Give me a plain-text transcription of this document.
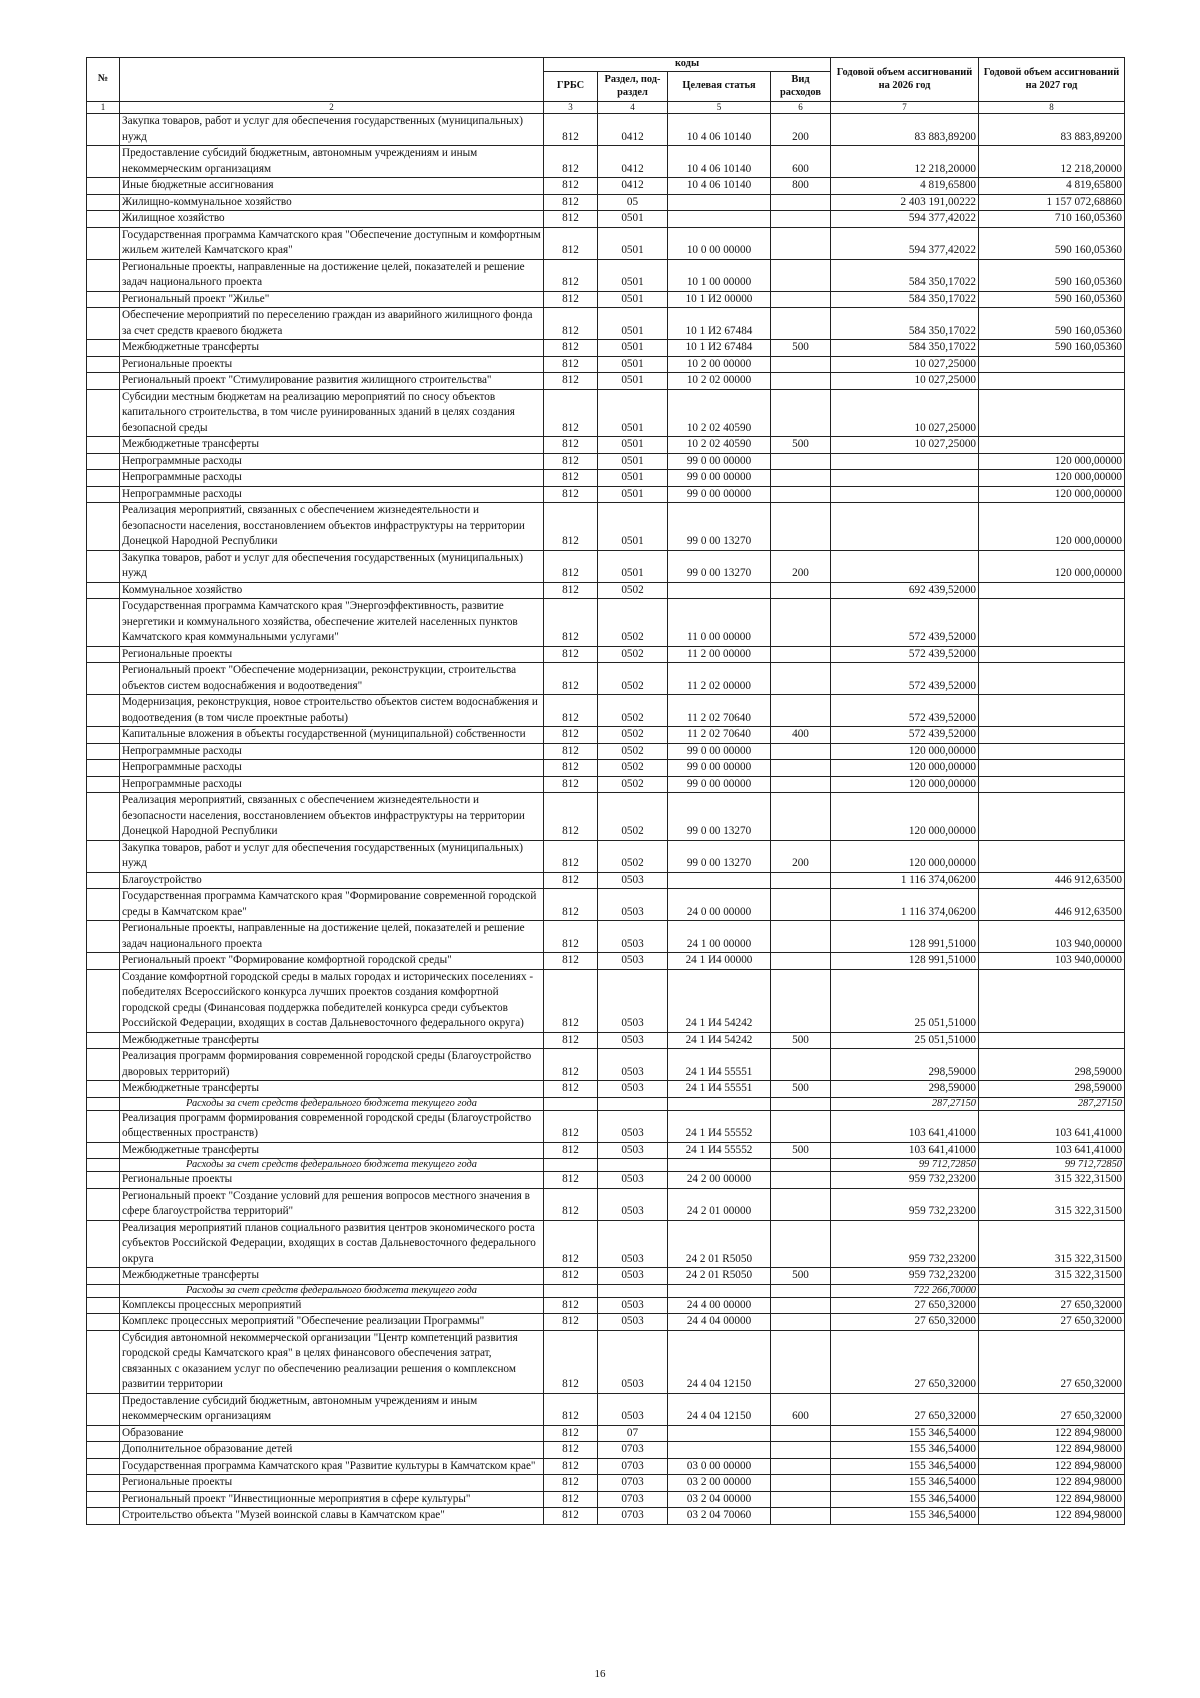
№		коды				Годовой объем ассигнований на 2026 год	Годовой объем ассигнований на 2027 год
		ГРБС	Раздел, под-раздел	Целевая статья	Вид расходов		
1	2	3	4	5	6	7	8
	Закупка товаров, работ и услуг для обеспечения государственных (муниципальных) нужд	812	0412	10 4 06 10140	200	83 883,89200	83 883,89200
	Предоставление субсидий бюджетным, автономным учреждениям и иным некоммерческим организациям	812	0412	10 4 06 10140	600	12 218,20000	12 218,20000
	Иные бюджетные ассигнования	812	0412	10 4 06 10140	800	4 819,65800	4 819,65800
	Жилищно-коммунальное хозяйство	812	05			2 403 191,00222	1 157 072,68860
	Жилищное хозяйство	812	0501			594 377,42022	710 160,05360
	Государственная программа Камчатского края "Обеспечение доступным и комфортным жильем жителей Камчатского края"	812	0501	10 0 00 00000		594 377,42022	590 160,05360
	Региональные проекты, направленные на достижение целей, показателей и решение задач национального проекта	812	0501	10 1 00 00000		584 350,17022	590 160,05360
	Региональный проект "Жилье"	812	0501	10 1 И2 00000		584 350,17022	590 160,05360
	Обеспечение мероприятий по переселению граждан из аварийного жилищного фонда за счет средств краевого бюджета	812	0501	10 1 И2 67484		584 350,17022	590 160,05360
	Межбюджетные трансферты	812	0501	10 1 И2 67484	500	584 350,17022	590 160,05360
	Региональные проекты	812	0501	10 2 00 00000		10 027,25000	
	Региональный проект "Стимулирование развития жилищного строительства"	812	0501	10 2 02 00000		10 027,25000	
	Субсидии местным бюджетам на реализацию мероприятий по сносу объектов капитального строительства, в том числе руинированных зданий в целях создания безопасной среды	812	0501	10 2 02 40590		10 027,25000	
	Межбюджетные трансферты	812	0501	10 2 02 40590	500	10 027,25000	
	Непрограммные расходы	812	0501	99 0 00 00000			120 000,00000
	Непрограммные расходы	812	0501	99 0 00 00000			120 000,00000
	Непрограммные расходы	812	0501	99 0 00 00000			120 000,00000
	Реализация мероприятий, связанных с обеспечением жизнедеятельности и безопасности населения, восстановлением объектов инфраструктуры на территории Донецкой Народной Республики	812	0501	99 0 00 13270			120 000,00000
	Закупка товаров, работ и услуг для обеспечения государственных (муниципальных) нужд	812	0501	99 0 00 13270	200		120 000,00000
	Коммунальное хозяйство	812	0502			692 439,52000	
	Государственная программа Камчатского края "Энергоэффективность, развитие энергетики и коммунального хозяйства, обеспечение жителей населенных пунктов Камчатского края коммунальными услугами"	812	0502	11 0 00 00000		572 439,52000	
	Региональные проекты	812	0502	11 2 00 00000		572 439,52000	
	Региональный проект "Обеспечение модернизации, реконструкции, строительства объектов систем водоснабжения и водоотведения"	812	0502	11 2 02 00000		572 439,52000	
	Модернизация, реконструкция, новое строительство объектов систем водоснабжения и водоотведения (в том числе проектные работы)	812	0502	11 2 02 70640		572 439,52000	
	Капитальные вложения в объекты государственной (муниципальной) собственности	812	0502	11 2 02 70640	400	572 439,52000	
	Непрограммные расходы	812	0502	99 0 00 00000		120 000,00000	
	Непрограммные расходы	812	0502	99 0 00 00000		120 000,00000	
	Непрограммные расходы	812	0502	99 0 00 00000		120 000,00000	
	Реализация мероприятий, связанных с обеспечением жизнедеятельности и безопасности населения, восстановлением объектов инфраструктуры на территории Донецкой Народной Республики	812	0502	99 0 00 13270		120 000,00000	
	Закупка товаров, работ и услуг для обеспечения государственных (муниципальных) нужд	812	0502	99 0 00 13270	200	120 000,00000	
	Благоустройство	812	0503			1 116 374,06200	446 912,63500
	Государственная программа Камчатского края "Формирование современной городской среды в Камчатском крае"	812	0503	24 0 00 00000		1 116 374,06200	446 912,63500
	Региональные проекты, направленные на достижение целей, показателей и решение задач национального проекта	812	0503	24 1 00 00000		128 991,51000	103 940,00000
	Региональный проект "Формирование комфортной городской среды"	812	0503	24 1 И4 00000		128 991,51000	103 940,00000
	Создание комфортной городской среды в малых городах и исторических поселениях - победителях Всероссийского конкурса лучших проектов создания комфортной городской среды (Финансовая поддержка победителей конкурса среди субъектов Российской Федерации, входящих в состав Дальневосточного федерального округа)	812	0503	24 1 И4 54242		25 051,51000	
	Межбюджетные трансферты	812	0503	24 1 И4 54242	500	25 051,51000	
	Реализация программ формирования современной городской среды (Благоустройство дворовых территорий)	812	0503	24 1 И4 55551		298,59000	298,59000
	Межбюджетные трансферты	812	0503	24 1 И4 55551	500	298,59000	298,59000
	Расходы за счет средств федерального бюджета текущего года					287,27150	287,27150
	Реализация программ формирования современной городской среды (Благоустройство общественных пространств)	812	0503	24 1 И4 55552		103 641,41000	103 641,41000
	Межбюджетные трансферты	812	0503	24 1 И4 55552	500	103 641,41000	103 641,41000
	Расходы за счет средств федерального бюджета текущего года					99 712,72850	99 712,72850
	Региональные проекты	812	0503	24 2 00 00000		959 732,23200	315 322,31500
	Региональный проект "Создание условий для решения вопросов местного значения в сфере благоустройства территорий"	812	0503	24 2 01 00000		959 732,23200	315 322,31500
	Реализация мероприятий планов социального развития центров экономического роста субъектов Российской Федерации, входящих в состав Дальневосточного федерального округа	812	0503	24 2 01 R5050		959 732,23200	315 322,31500
	Межбюджетные трансферты	812	0503	24 2 01 R5050	500	959 732,23200	315 322,31500
	Расходы за счет средств федерального бюджета текущего года					722 266,70000	
	Комплексы процессных мероприятий	812	0503	24 4 00 00000		27 650,32000	27 650,32000
	Комплекс процессных мероприятий "Обеспечение реализации Программы"	812	0503	24 4 04 00000		27 650,32000	27 650,32000
	Субсидия автономной некоммерческой организации "Центр компетенций развития городской среды Камчатского края" в целях финансового обеспечения затрат, связанных с оказанием услуг по обеспечению реализации решения о комплексном развитии территории	812	0503	24 4 04 12150		27 650,32000	27 650,32000
	Предоставление субсидий бюджетным, автономным учреждениям и иным некоммерческим организациям	812	0503	24 4 04 12150	600	27 650,32000	27 650,32000
	Образование	812	07			155 346,54000	122 894,98000
	Дополнительное образование детей	812	0703			155 346,54000	122 894,98000
	Государственная программа Камчатского края "Развитие культуры в Камчатском крае"	812	0703	03 0 00 00000		155 346,54000	122 894,98000
	Региональные проекты	812	0703	03 2 00 00000		155 346,54000	122 894,98000
	Региональный проект "Инвестиционные мероприятия в сфере культуры"	812	0703	03 2 04 00000		155 346,54000	122 894,98000
	Строительство объекта "Музей воинской славы в Камчатском крае"	812	0703	03 2 04 70060		155 346,54000	122 894,98000
16
